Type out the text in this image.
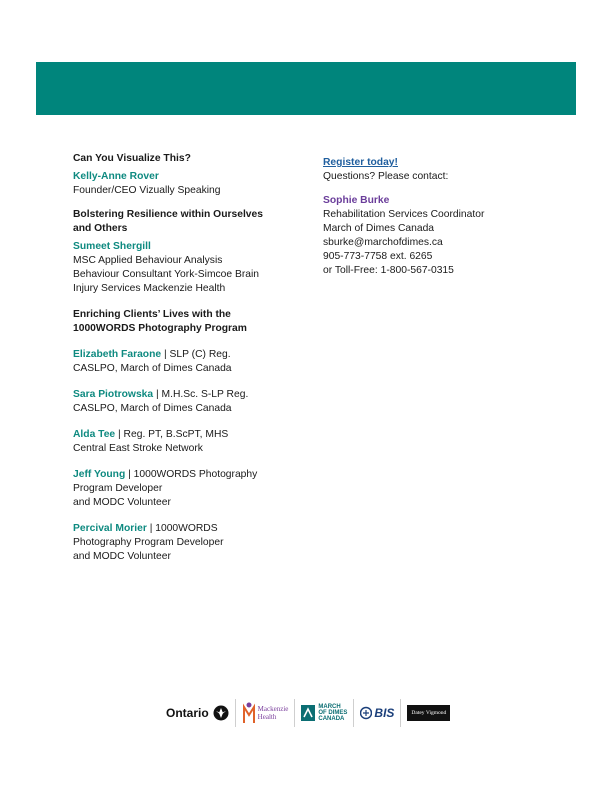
Can You Visualize This?
Kelly-Anne Rover
Founder/CEO Vizually Speaking
Bolstering Resilience within Ourselves
and Others
Sumeet Shergill
MSC Applied Behaviour Analysis
Behaviour Consultant York-Simcoe Brain
Injury Services Mackenzie Health
Enriching Clients’ Lives with the
1000WORDS Photography Program
Elizabeth Faraone | SLP (C) Reg.
CASLPO, March of Dimes Canada
Sara Piotrowska | M.H.Sc. S-LP Reg.
CASLPO, March of Dimes Canada
Alda Tee | Reg. PT, B.ScPT, MHS
Central East Stroke Network
Jeff Young | 1000WORDS Photography
Program Developer
and MODC Volunteer
Percival Morier | 1000WORDS
Photography Program Developer
and MODC Volunteer
Register today!
Questions? Please contact:
Sophie Burke
Rehabilitation Services Coordinator
March of Dimes Canada
sburke@marchofdimes.ca
905-773-7758 ext. 6265
or Toll-Free: 1-800-567-0315
Ontario	Mackenzie
Health
MARCH
OF DIMES
CANADA	BIS	Datey Vigmond
